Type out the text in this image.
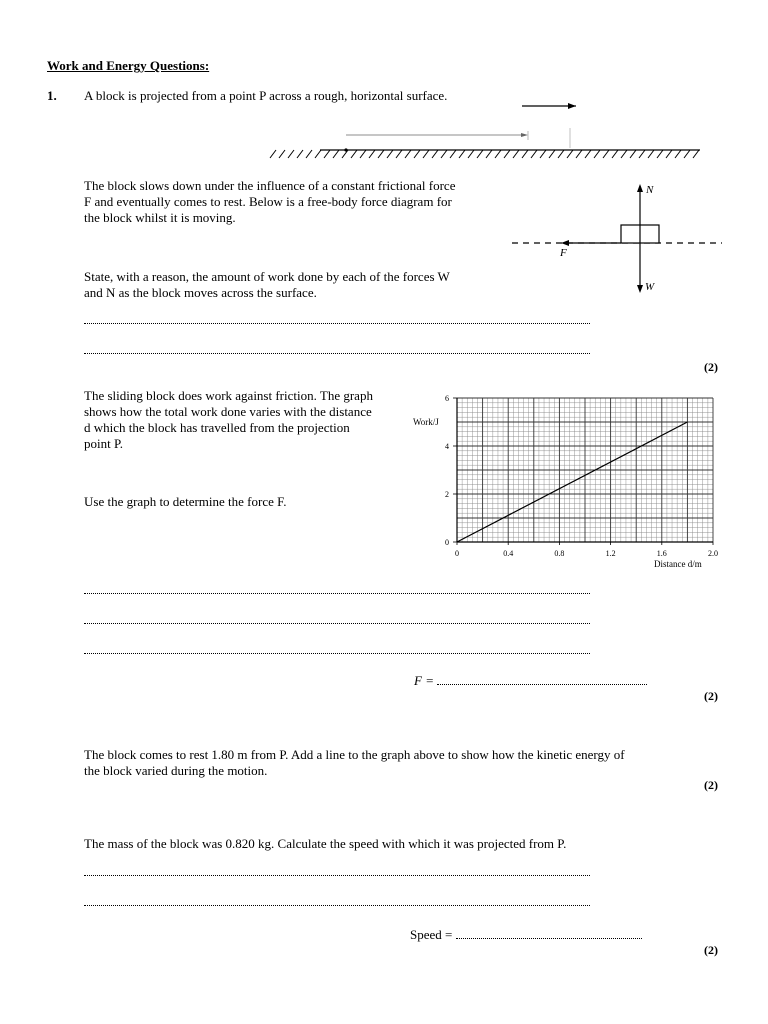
Work and Energy Questions:
1. A block is projected from a point P across a rough, horizontal surface.
The block slows down under the influence of a constant frictional force
F and eventually comes to rest. Below is a free-body force diagram for
the block whilst it is moving.
N
F
W
State, with a reason, the amount of work done by each of the forces W
and N as the block moves across the surface.
(2)
The sliding block does work against friction. The graph
shows how the total work done varies with the distance
d which the block has travelled from the projection
point P.
Use the graph to determine the force F.
0	0.4	0.8	1.2	1.6	2.0
0
2
4
6
Work/J
Distance d/m
F =
(2)
The block comes to rest 1.80 m from P. Add a line to the graph above to show how the kinetic energy of
the block varied during the motion.
(2)
The mass of the block was 0.820 kg. Calculate the speed with which it was projected from P.
Speed =
(2)
